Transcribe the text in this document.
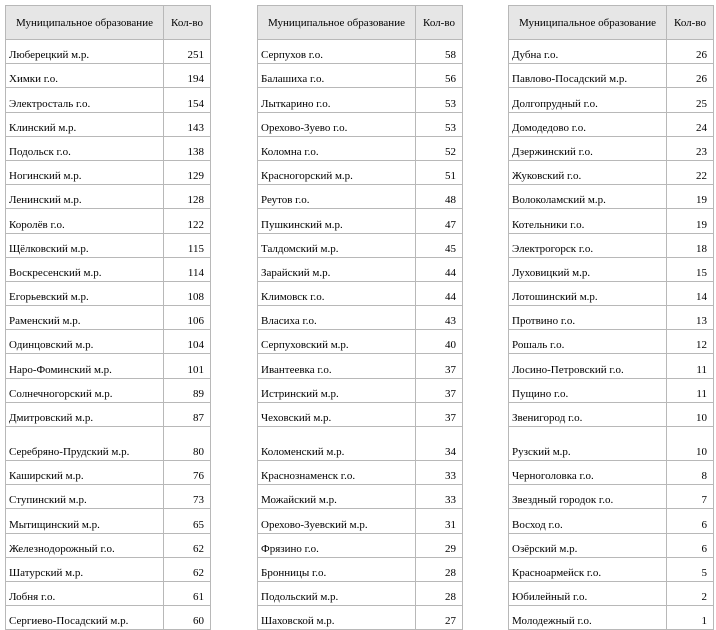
Муниципальное образование	Кол-во
Люберецкий м.р.	251
Химки г.о.	194
Электросталь г.о.	154
Клинский м.р.	143
Подольск г.о.	138
Ногинский м.р.	129
Ленинский м.р.	128
Королёв г.о.	122
Щёлковский м.р.	115
Воскресенский м.р.	114
Егорьевский м.р.	108
Раменский м.р.	106
Одинцовский м.р.	104
Наро-Фоминский м.р.	101
Солнечногорский м.р.	89
Дмитровский м.р.	87
Серебряно-Прудский м.р.	80
Каширский м.р.	76
Ступинский м.р.	73
Мытищинский м.р.	65
Железнодорожный г.о.	62
Шатурский м.р.	62
Лобня г.о.	61
Сергиево-Посадский м.р.	60
Муниципальное образование	Кол-во
Серпухов г.о.	58
Балашиха г.о.	56
Лыткарино г.о.	53
Орехово-Зуево г.о.	53
Коломна г.о.	52
Красногорский м.р.	51
Реутов г.о.	48
Пушкинский м.р.	47
Талдомский м.р.	45
Зарайский м.р.	44
Климовск г.о.	44
Власиха г.о.	43
Серпуховский м.р.	40
Ивантеевка г.о.	37
Истринский м.р.	37
Чеховский м.р.	37
Коломенский м.р.	34
Краснознаменск г.о.	33
Можайский м.р.	33
Орехово-Зуевский м.р.	31
Фрязино г.о.	29
Бронницы г.о.	28
Подольский м.р.	28
Шаховской м.р.	27
Муниципальное образование	Кол-во
Дубна г.о.	26
Павлово-Посадский м.р.	26
Долгопрудный г.о.	25
Домодедово г.о.	24
Дзержинский г.о.	23
Жуковский г.о.	22
Волоколамский м.р.	19
Котельники г.о.	19
Электрогорск г.о.	18
Луховицкий м.р.	15
Лотошинский м.р.	14
Протвино г.о.	13
Рошаль г.о.	12
Лосино-Петровский г.о.	11
Пущино г.о.	11
Звенигород г.о.	10
Рузский м.р.	10
Черноголовка г.о.	8
Звездный городок г.о.	7
Восход г.о.	6
Озёрский м.р.	6
Красноармейск г.о.	5
Юбилейный г.о.	2
Молодежный г.о.	1
